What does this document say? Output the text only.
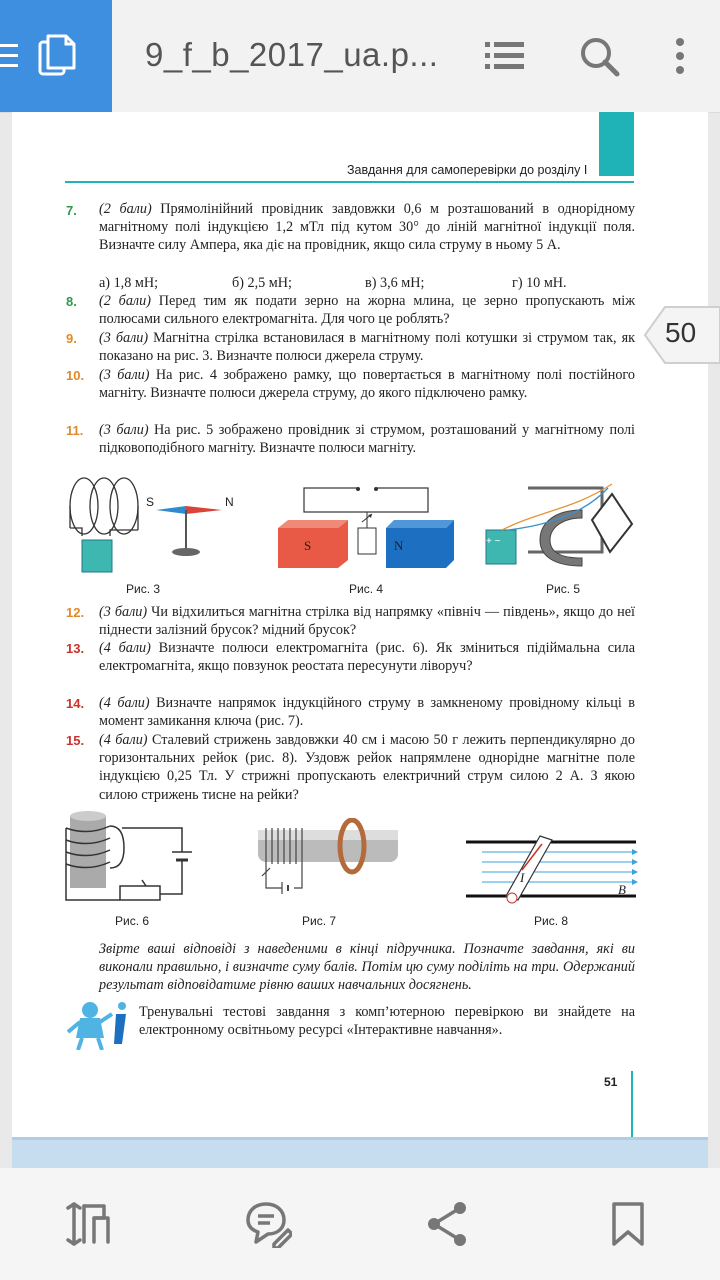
9_f_b_2017_ua.p...
Завдання для самоперевірки до розділу I
7. (2 бали) Прямолінійний провідник завдовжки 0,6 м розташований в однорідному магнітному полі індукцією 1,2 мТл під кутом 30° до ліній магнітної індукції поля. Визначте силу Ампера, яка діє на провідник, якщо сила струму в ньому 5 А.
а) 1,8 мН;	б) 2,5 мН;	в) 3,6 мН;	г) 10 мН.
8. (2 бали) Перед тим як подати зерно на жорна млина, це зерно пропускають між полюсами сильного електромагніта. Для чого це роблять?
9. (3 бали) Магнітна стрілка встановилася в магнітному полі котушки зі струмом так, як показано на рис. 3. Визначте полюси джерела струму.
10. (3 бали) На рис. 4 зображено рамку, що повертається в магнітному полі постійного магніту. Визначте полюси джерела струму, до якого підключено рамку.
11. (3 бали) На рис. 5 зображено провідник зі струмом, розташований у магнітному полі підковоподібного магніту. Визначте полюси магніту.
S	N
Рис. 3
S	N
Рис. 4
+ −
Рис. 5
12. (3 бали) Чи відхилиться магнітна стрілка від напрямку «північ — південь», якщо до неї піднести залізний брусок? мідний брусок?
13. (4 бали) Визначте полюси електромагніта (рис. 6). Як зміниться підіймальна сила електромагніта, якщо повзунок реостата пересунути ліворуч?
14. (4 бали) Визначте напрямок індукційного струму в замкненому провідному кільці в момент замикання ключа (рис. 7).
15. (4 бали) Сталевий стрижень завдовжки 40 см і масою 50 г лежить перпендикулярно до горизонтальних рейок (рис. 8). Уздовж рейок напрямлене однорідне магнітне поле індукцією 0,25 Тл. У стрижні пропускають електричний струм силою 2 А. З якою силою стрижень тисне на рейки?
Рис. 6	Рис. 7
I
B
Рис. 8
Звірте ваші відповіді з наведеними в кінці підручника. Позначте завдання, які ви виконали правильно, і визначте суму балів. Потім цю суму поділіть на три. Одержаний результат відповідатиме рівню ваших навчальних досягнень.
Тренувальні тестові завдання з комп’ютерною перевіркою ви знайдете на електронному освітньому ресурсі «Інтерактивне навчання».
51
50
